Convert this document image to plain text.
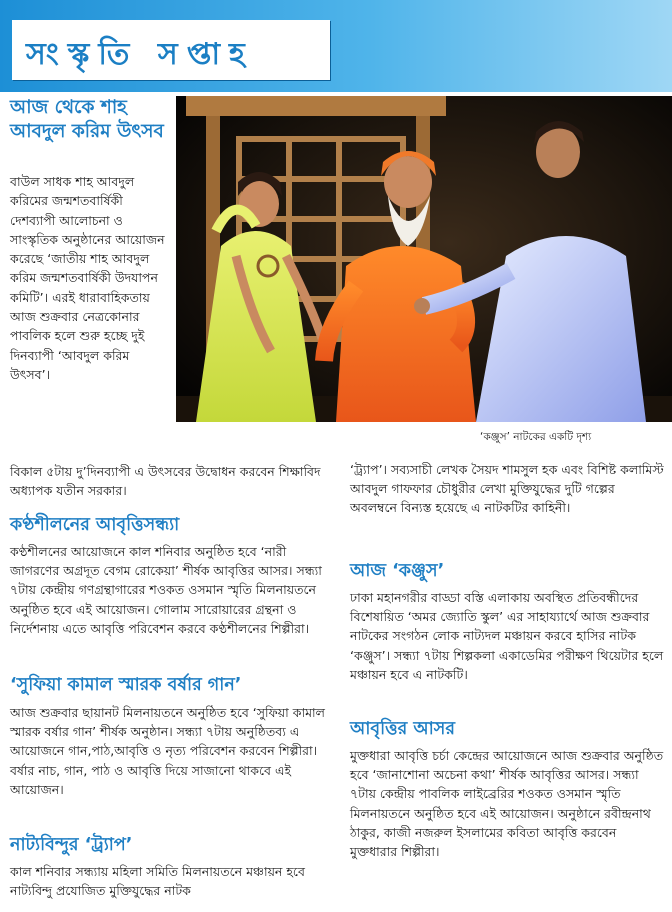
সংস্কৃতি সপ্তাহ
আজ থেকে শাহ আবদুল করিম উৎসব
বাউল সাধক শাহ আবদুল করিমের জন্মশতবার্ষিকী দেশব্যাপী আলোচনা ও সাংস্কৃতিক অনুষ্ঠানের আয়োজন করেছে ‘জাতীয় শাহ আবদুল করিম জন্মশতবার্ষিকী উদযাপন কমিটি’। এরই ধারাবাহিকতায় আজ শুক্রবার নেত্রকোনার পাবলিক হলে শুরু হচ্ছে দুই দিনব্যাপী ‘আবদুল করিম উৎসব’।
বিকাল ৫টায় দু’দিনব্যাপী এ উৎসবের উদ্বোধন করবেন শিক্ষাবিদ অধ্যাপক যতীন সরকার।
‘কঞ্জুস’ নাটকের একটি দৃশ্য
কণ্ঠশীলনের আবৃত্তিসন্ধ্যা
কণ্ঠশীলনের আয়োজনে কাল শনিবার অনুষ্ঠিত হবে ‘নারী জাগরণের অগ্রদূত বেগম রোকেয়া’ শীর্ষক আবৃত্তির আসর। সন্ধ্যা ৭টায় কেন্দ্রীয় গণগ্রন্থাগারের শওকত ওসমান স্মৃতি মিলনায়তনে অনুষ্ঠিত হবে এই আয়োজন। গোলাম সারোয়ারের গ্রন্থনা ও নির্দেশনায় এতে আবৃত্তি পরিবেশন করবে কণ্ঠশীলনের শিল্পীরা।
‘সুফিয়া কামাল স্মারক বর্ষার গান’
আজ শুক্রবার ছায়ানট মিলনায়তনে অনুষ্ঠিত হবে ‘সুফিয়া কামাল স্মারক বর্ষার গান’ শীর্ষক অনুষ্ঠান। সন্ধ্যা ৭টায় অনুষ্ঠিতব্য এ আয়োজনে গান,পাঠ,আবৃত্তি ও নৃত্য পরিবেশন করবেন শিল্পীরা। বর্ষার নাচ, গান, পাঠ ও আবৃত্তি দিয়ে সাজানো থাকবে এই আয়োজন।
নাট্যবিন্দুর ‘ট্র্যাপ’
কাল শনিবার সন্ধ্যায় মহিলা সমিতি মিলনায়তনে মঞ্চায়ন হবে নাট্যবিন্দু প্রযোজিত মুক্তিযুদ্ধের নাটক
‘ট্র্যাপ’। সব্যসাচী লেখক সৈয়দ শামসুল হক এবং বিশিষ্ট কলামিস্ট আবদুল গাফফার চৌধুরীর লেখা মুক্তিযুদ্ধের দুটি গল্পের অবলম্বনে বিন্যস্ত হয়েছে এ নাটকটির কাহিনী।
আজ ‘কঞ্জুস’
ঢাকা মহানগরীর বাড্ডা বস্তি এলাকায় অবস্থিত প্রতিবন্ধীদের বিশেষায়িত ‘অমর জ্যোতি স্কুল’ এর সাহায্যার্থে আজ শুক্রবার নাটকের সংগঠন লোক নাট্যদল মঞ্চায়ন করবে হাসির নাটক ‘কঞ্জুস’। সন্ধ্যা ৭টায় শিল্পকলা একাডেমির পরীক্ষণ থিয়েটার হলে মঞ্চায়ন হবে এ নাটকটি।
আবৃত্তির আসর
মুক্তধারা আবৃত্তি চর্চা কেন্দ্রের আয়োজনে আজ শুক্রবার অনুষ্ঠিত হবে ‘জানাশোনা অচেনা কথা’ শীর্ষক আবৃত্তির আসর। সন্ধ্যা ৭টায় কেন্দ্রীয় পাবলিক লাইব্রেরির শওকত ওসমান স্মৃতি মিলনায়তনে অনুষ্ঠিত হবে এই আয়োজন। অনুষ্ঠানে রবীন্দ্রনাথ ঠাকুর, কাজী নজরুল ইসলামের কবিতা আবৃত্তি করবেন মুক্তধারার শিল্পীরা।
